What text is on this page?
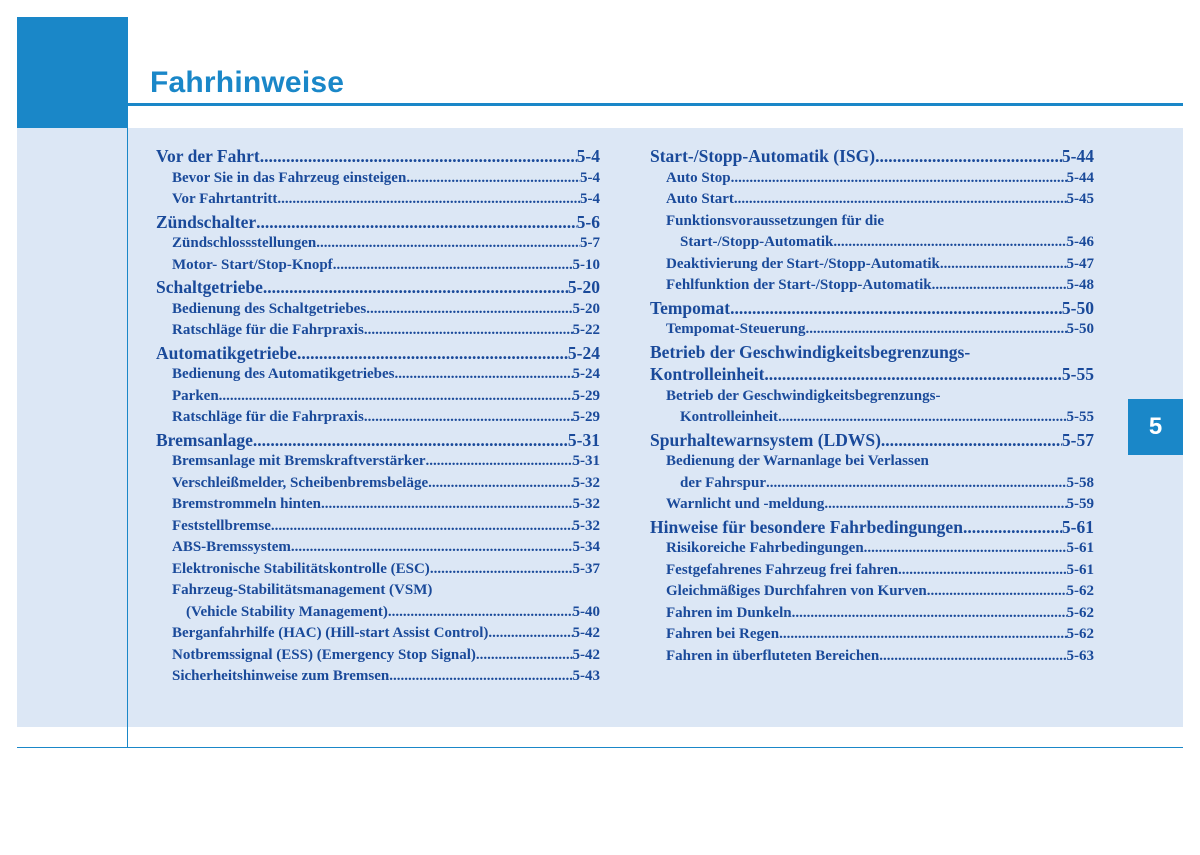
Fahrhinweise
5
Vor der Fahrt .....	5-4
Bevor Sie in das Fahrzeug einsteigen .....	5-4
Vor Fahrtantritt .....	5-4
Zündschalter .....	5-6
Zündschlossstellungen .....	5-7
Motor- Start/Stop-Knopf .....	5-10
Schaltgetriebe .....	5-20
Bedienung des Schaltgetriebes .....	5-20
Ratschläge für die Fahrpraxis .....	5-22
Automatikgetriebe .....	5-24
Bedienung des Automatikgetriebes .....	5-24
Parken .....	5-29
Ratschläge für die Fahrpraxis .....	5-29
Bremsanlage .....	5-31
Bremsanlage mit Bremskraftverstärker .....	5-31
Verschleißmelder, Scheibenbremsbeläge .....	5-32
Bremstrommeln hinten .....	5-32
Feststellbremse .....	5-32
ABS-Bremssystem .....	5-34
Elektronische Stabilitätskontrolle (ESC) .....	5-37
Fahrzeug-Stabilitätsmanagement (VSM)
(Vehicle Stability Management) .....	5-40
Berganfahrhilfe (HAC) (Hill-start Assist Control) .....	5-42
Notbremssignal (ESS) (Emergency Stop Signal) .....	5-42
Sicherheitshinweise zum Bremsen .....	5-43
Start-/Stopp-Automatik (ISG) .....	5-44
Auto Stop .....	5-44
Auto Start .....	5-45
Funktionsvoraussetzungen für die
Start-/Stopp-Automatik .....	5-46
Deaktivierung der Start-/Stopp-Automatik .....	5-47
Fehlfunktion der Start-/Stopp-Automatik .....	5-48
Tempomat .....	5-50
Tempomat-Steuerung .....	5-50
Betrieb der Geschwindigkeitsbegrenzungs-
Kontrolleinheit .....	5-55
Betrieb der Geschwindigkeitsbegrenzungs-
Kontrolleinheit .....	5-55
Spurhaltewarnsystem (LDWS) .....	5-57
Bedienung der Warnanlage bei Verlassen
der Fahrspur .....	5-58
Warnlicht und -meldung .....	5-59
Hinweise für besondere Fahrbedingungen .....	5-61
Risikoreiche Fahrbedingungen .....	5-61
Festgefahrenes Fahrzeug frei fahren .....	5-61
Gleichmäßiges Durchfahren von Kurven .....	5-62
Fahren im Dunkeln .....	5-62
Fahren bei Regen .....	5-62
Fahren in überfluteten Bereichen .....	5-63
